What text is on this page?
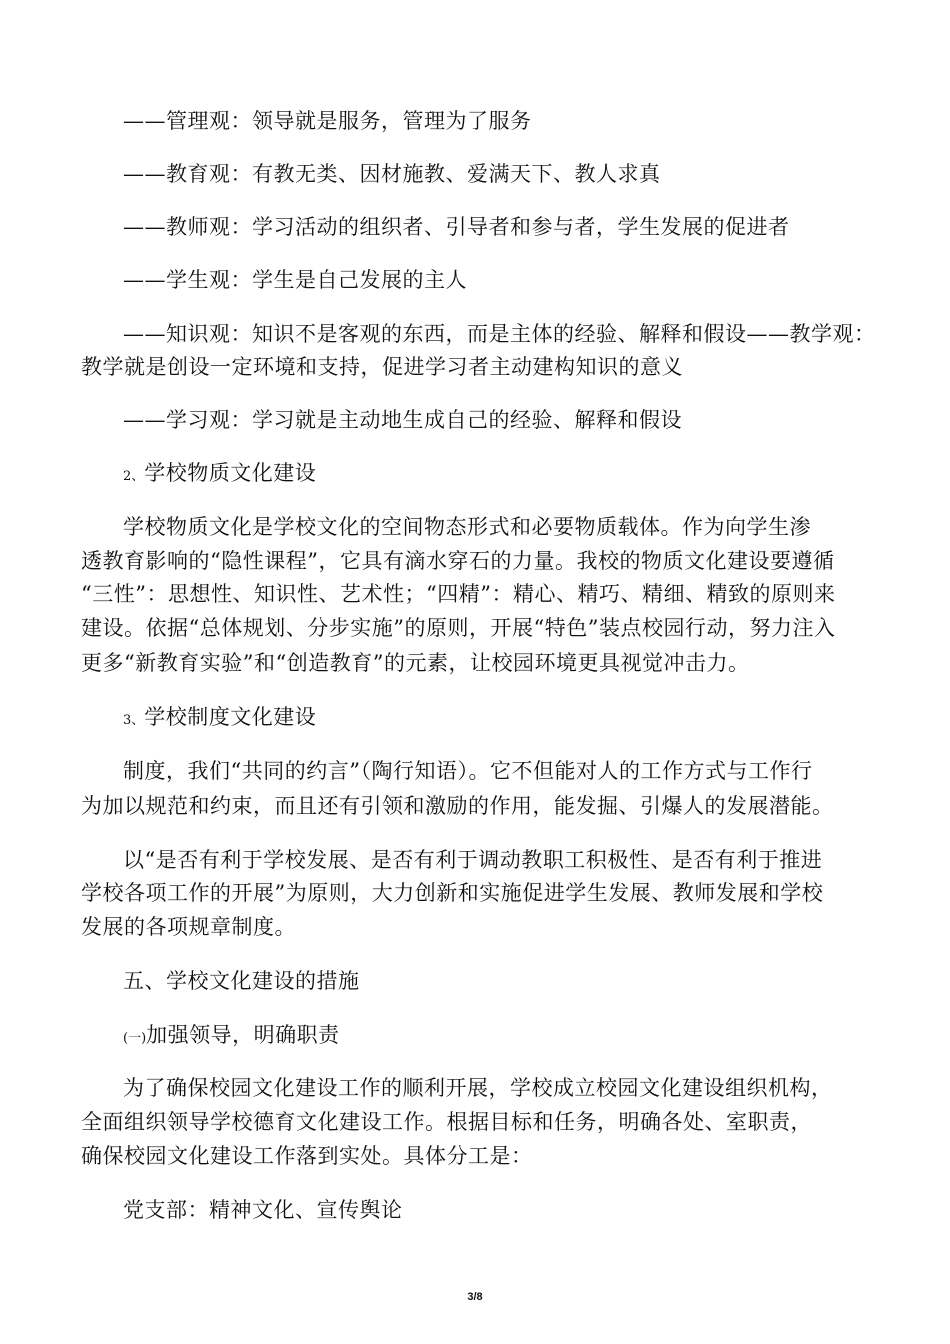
——管理观：领导就是服务，管理为了服务
——教育观：有教无类、因材施教、爱满天下、教人求真
——教师观：学习活动的组织者、引导者和参与者，学生发展的促进者
——学生观：学生是自己发展的主人
——知识观：知识不是客观的东西，而是主体的经验、解释和假设——教学观：
教学就是创设一定环境和支持，促进学习者主动建构知识的意义
——学习观：学习就是主动地生成自己的经验、解释和假设
2、学校物质文化建设
学校物质文化是学校文化的空间物态形式和必要物质载体。作为向学生渗
透教育影响的“隐性课程”，它具有滴水穿石的力量。我校的物质文化建设要遵循
“三性”：思想性、知识性、艺术性；“四精”：精心、精巧、精细、精致的原则来
建设。依据“总体规划、分步实施”的原则，开展“特色”装点校园行动，努力注入
更多“新教育实验”和“创造教育”的元素，让校园环境更具视觉冲击力。
3、学校制度文化建设
制度，我们“共同的约言”（陶行知语）。它不但能对人的工作方式与工作行
为加以规范和约束，而且还有引领和激励的作用，能发掘、引爆人的发展潜能。
以“是否有利于学校发展、是否有利于调动教职工积极性、是否有利于推进
学校各项工作的开展”为原则，大力创新和实施促进学生发展、教师发展和学校
发展的各项规章制度。
五、学校文化建设的措施
(一)加强领导，明确职责
为了确保校园文化建设工作的顺利开展，学校成立校园文化建设组织机构，
全面组织领导学校德育文化建设工作。根据目标和任务，明确各处、室职责，
确保校园文化建设工作落到实处。具体分工是：
党支部：精神文化、宣传舆论
3/8
